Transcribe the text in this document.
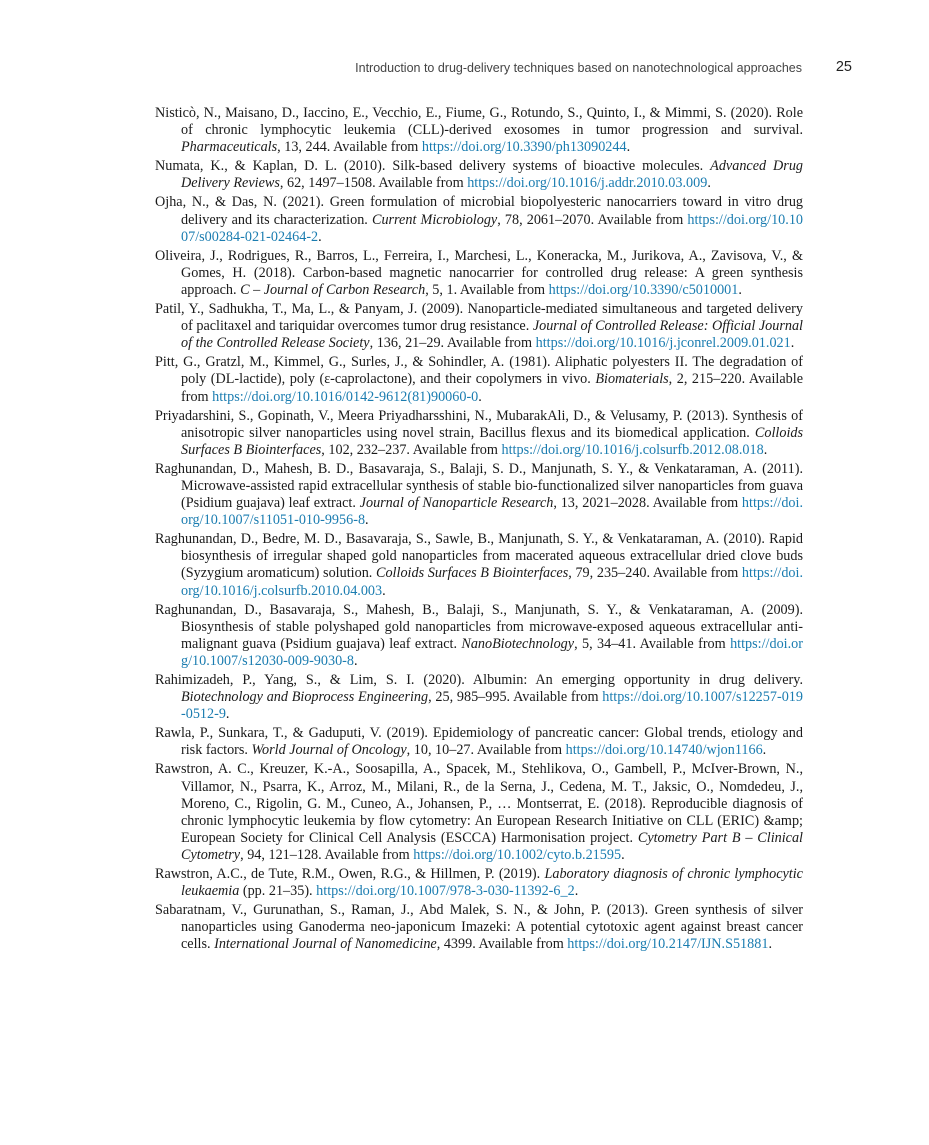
Introduction to drug-delivery techniques based on nanotechnological approaches 25

Nisticò, N., Maisano, D., Iaccino, E., Vecchio, E., Fiume, G., Rotundo, S., Quinto, I., & Mimmi, S. (2020). Role of chronic lymphocytic leukemia (CLL)-derived exosomes in tumor progression and survival. Pharmaceuticals, 13, 244. Available from https://doi.org/10.3390/ph13090244.

Numata, K., & Kaplan, D. L. (2010). Silk-based delivery systems of bioactive molecules. Advanced Drug Delivery Reviews, 62, 1497–1508. Available from https://doi.org/10.1016/j.addr.2010.03.009.

Ojha, N., & Das, N. (2021). Green formulation of microbial biopolyesteric nanocarriers toward in vitro drug delivery and its characterization. Current Microbiology, 78, 2061–2070. Available from https://doi.org/10.1007/s00284-021-02464-2.

Oliveira, J., Rodrigues, R., Barros, L., Ferreira, I., Marchesi, L., Koneracka, M., Jurikova, A., Zavisova, V., & Gomes, H. (2018). Carbon-based magnetic nanocarrier for controlled drug release: A green synthesis approach. C – Journal of Carbon Research, 5, 1. Available from https://doi.org/10.3390/c5010001.

Patil, Y., Sadhukha, T., Ma, L., & Panyam, J. (2009). Nanoparticle-mediated simultaneous and targeted delivery of paclitaxel and tariquidar overcomes tumor drug resistance. Journal of Controlled Release: Official Journal of the Controlled Release Society, 136, 21–29. Available from https://doi.org/10.1016/j.jconrel.2009.01.021.

Pitt, G., Gratzl, M., Kimmel, G., Surles, J., & Sohindler, A. (1981). Aliphatic polyesters II. The degradation of poly (DL-lactide), poly (ε-caprolactone), and their copolymers in vivo. Biomaterials, 2, 215–220. Available from https://doi.org/10.1016/0142-9612(81)90060-0.

Priyadarshini, S., Gopinath, V., Meera Priyadharsshini, N., MubarakAli, D., & Velusamy, P. (2013). Synthesis of anisotropic silver nanoparticles using novel strain, Bacillus flexus and its biomedical application. Colloids Surfaces B Biointerfaces, 102, 232–237. Available from https://doi.org/10.1016/j.colsurfb.2012.08.018.

Raghunandan, D., Mahesh, B. D., Basavaraja, S., Balaji, S. D., Manjunath, S. Y., & Venkataraman, A. (2011). Microwave-assisted rapid extracellular synthesis of stable bio-functionalized silver nanoparticles from guava (Psidium guajava) leaf extract. Journal of Nanoparticle Research, 13, 2021–2028. Available from https://doi.org/10.1007/s11051-010-9956-8.

Raghunandan, D., Bedre, M. D., Basavaraja, S., Sawle, B., Manjunath, S. Y., & Venkataraman, A. (2010). Rapid biosynthesis of irregular shaped gold nanoparticles from macerated aqueous extracellular dried clove buds (Syzygium aromaticum) solution. Colloids Surfaces B Biointerfaces, 79, 235–240. Available from https://doi.org/10.1016/j.colsurfb.2010.04.003.

Raghunandan, D., Basavaraja, S., Mahesh, B., Balaji, S., Manjunath, S. Y., & Venkataraman, A. (2009). Biosynthesis of stable polyshaped gold nanoparticles from microwave-exposed aqueous extracellular anti-malignant guava (Psidium guajava) leaf extract. NanoBiotechnology, 5, 34–41. Available from https://doi.org/10.1007/s12030-009-9030-8.

Rahimizadeh, P., Yang, S., & Lim, S. I. (2020). Albumin: An emerging opportunity in drug delivery. Biotechnology and Bioprocess Engineering, 25, 985–995. Available from https://doi.org/10.1007/s12257-019-0512-9.

Rawla, P., Sunkara, T., & Gaduputi, V. (2019). Epidemiology of pancreatic cancer: Global trends, etiology and risk factors. World Journal of Oncology, 10, 10–27. Available from https://doi.org/10.14740/wjon1166.

Rawstron, A. C., Kreuzer, K.-A., Soosapilla, A., Spacek, M., Stehlikova, O., Gambell, P., McIver-Brown, N., Villamor, N., Psarra, K., Arroz, M., Milani, R., de la Serna, J., Cedena, M. T., Jaksic, O., Nomdedeu, J., Moreno, C., Rigolin, G. M., Cuneo, A., Johansen, P., … Montserrat, E. (2018). Reproducible diagnosis of chronic lymphocytic leukemia by flow cytometry: An European Research Initiative on CLL (ERIC) &amp; European Society for Clinical Cell Analysis (ESCCA) Harmonisation project. Cytometry Part B – Clinical Cytometry, 94, 121–128. Available from https://doi.org/10.1002/cyto.b.21595.

Rawstron, A.C., de Tute, R.M., Owen, R.G., & Hillmen, P. (2019). Laboratory diagnosis of chronic lymphocytic leukaemia (pp. 21–35). https://doi.org/10.1007/978-3-030-11392-6_2.

Sabaratnam, V., Gurunathan, S., Raman, J., Abd Malek, S. N., & John, P. (2013). Green synthesis of silver nanoparticles using Ganoderma neo-japonicum Imazeki: A potential cytotoxic agent against breast cancer cells. International Journal of Nanomedicine, 4399. Available from https://doi.org/10.2147/IJN.S51881.
